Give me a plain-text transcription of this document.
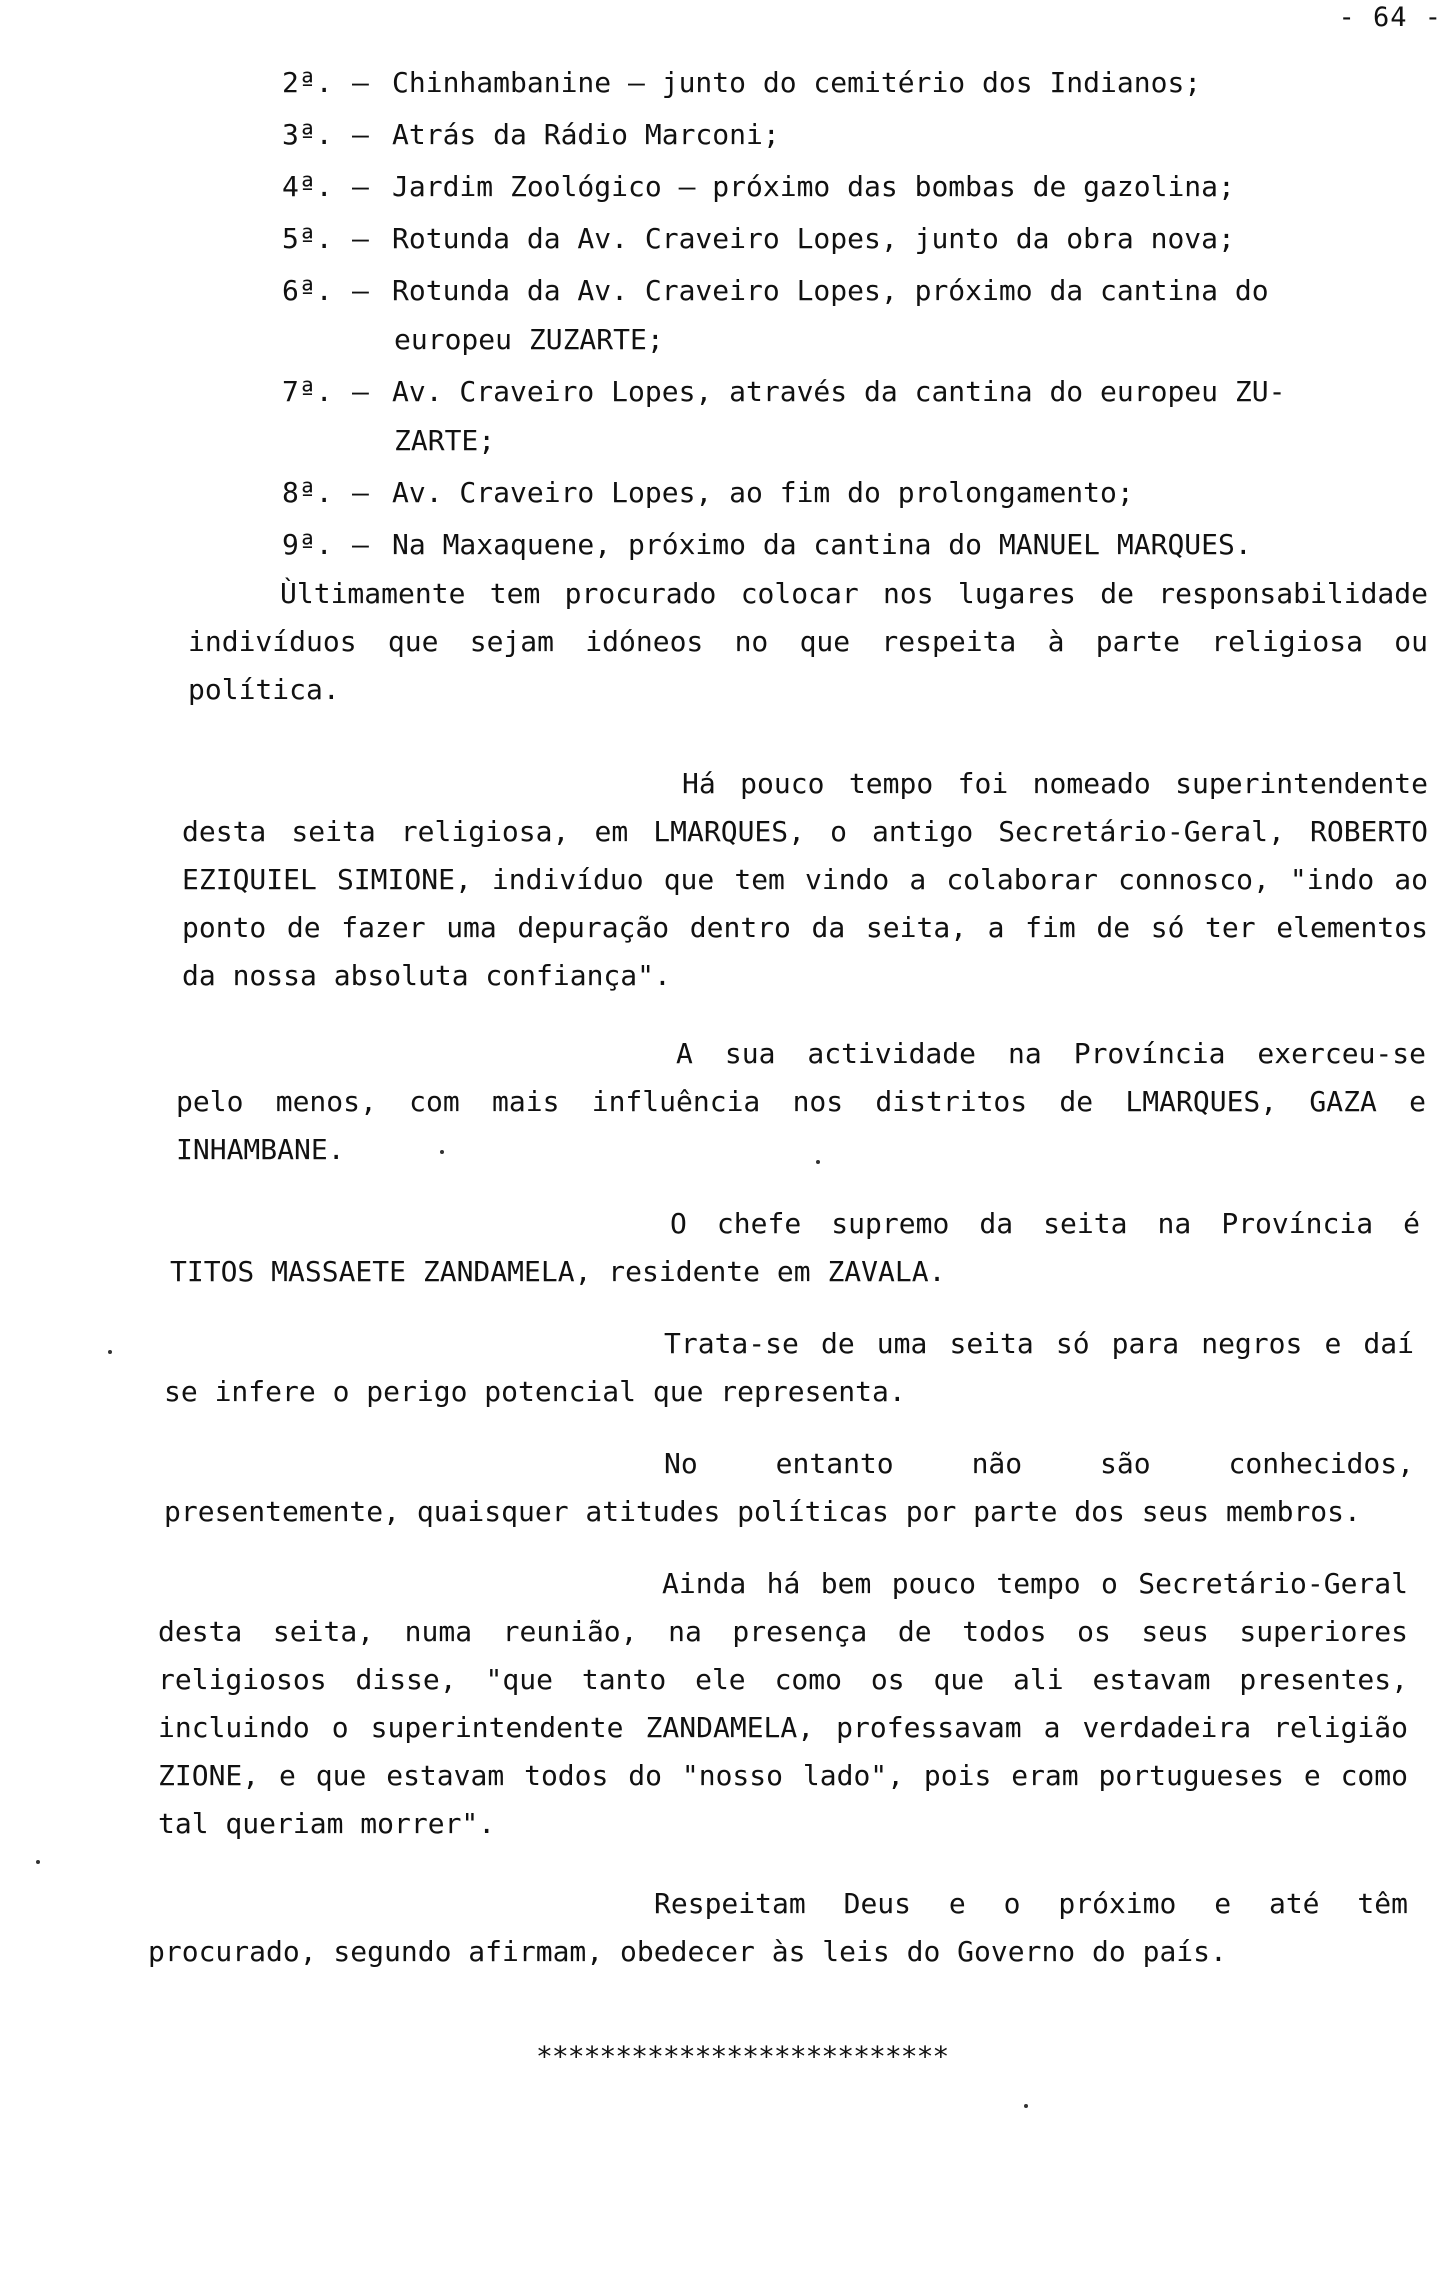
- 64 -
2ª. – Chinhambanine – junto do cemitério dos Indianos;
3ª. – Atrás da Rádio Marconi;
4ª. – Jardim Zoológico – próximo das bombas de gazolina;
5ª. – Rotunda da Av. Craveiro Lopes, junto da obra nova;
6ª. – Rotunda da Av. Craveiro Lopes, próximo da cantina do
europeu ZUZARTE;
7ª. – Av. Craveiro Lopes, através da cantina do europeu ZU-
ZARTE;
8ª. – Av. Craveiro Lopes, ao fim do prolongamento;
9ª. – Na Maxaquene, próximo da cantina do MANUEL MARQUES.

Ùltimamente tem procurado colocar nos lugares de responsabilidade indivíduos que sejam idóneos no que respeita à parte religiosa ou política.

Há pouco tempo foi nomeado superintendente desta seita religiosa, em LMARQUES, o antigo Secretário-Geral, ROBERTO EZIQUIEL SIMIONE, indivíduo que tem vindo a colaborar connosco, "indo ao ponto de fazer uma depuração dentro da seita, a fim de só ter elementos da nossa absoluta confiança".

A sua actividade na Província exerceu-se pelo menos, com mais influência nos distritos de LMARQUES, GAZA e INHAMBANE.

O chefe supremo da seita na Província é TITOS MASSAETE ZANDAMELA, residente em ZAVALA.

Trata-se de uma seita só para negros e daí se infere o perigo potencial que representa.

No entanto não são conhecidos, presentemente, quaisquer atitudes políticas por parte dos seus membros.

Ainda há bem pouco tempo o Secretário-Geral desta seita, numa reunião, na presença de todos os seus superiores religiosos disse, "que tanto ele como os que ali estavam presentes, incluindo o superintendente ZANDAMELA, professavam a verdadeira religião ZIONE, e que estavam todos do "nosso lado", pois eram portugueses e como tal queriam morrer".

Respeitam Deus e o próximo e até têm procurado, segundo afirmam, obedecer às leis do Governo do país.

**************************
